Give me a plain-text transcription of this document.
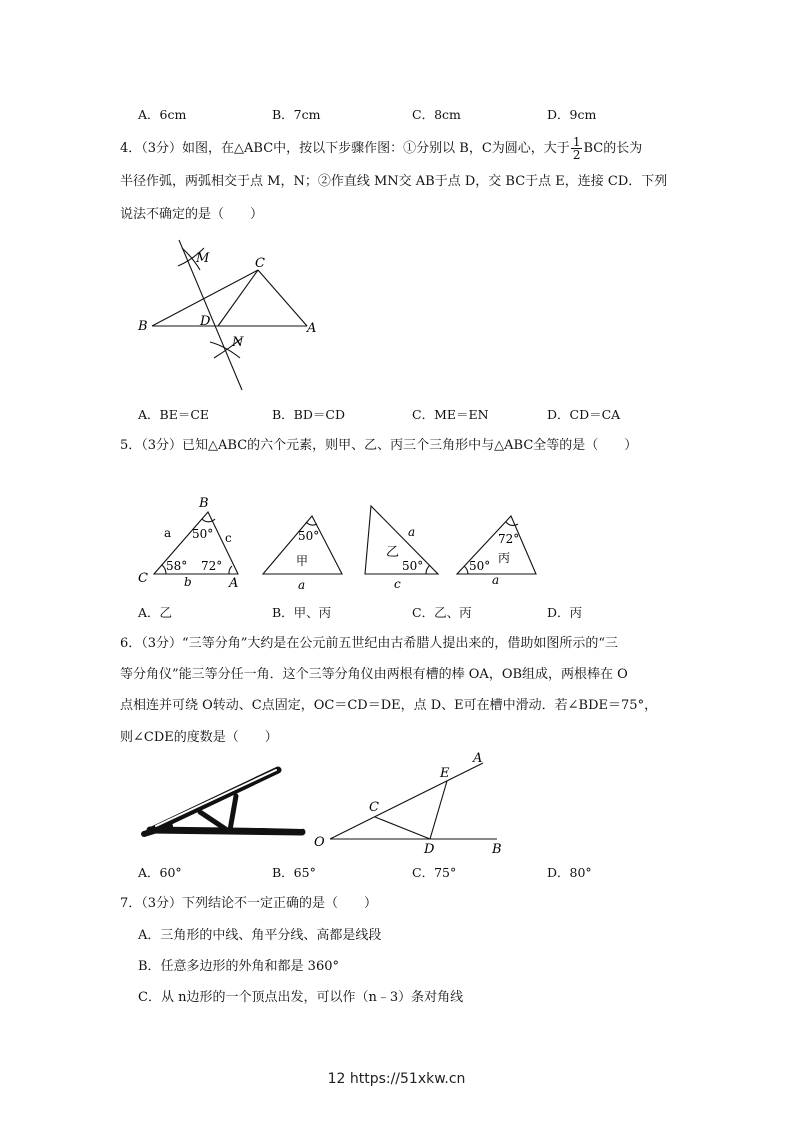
A．6cm	B．7cm	C．8cm	D．9cm
4．（3分）如图，在△ABC中，按以下步骤作图：①分别以 B，C为圆心，大于 $\frac{1}{2}$ BC的长为
半径作弧，两弧相交于点 M，N；②作直线 MN交 AB于点 D，交 BC于点 E，连接 CD．下列
说法不确定的是（　　）
M	C
B	D	A
N
A．BE＝CE	B．BD＝CD	C．ME＝EN	D．CD＝CA
5．（3分）已知△ABC的六个元素，则甲、乙、丙三个三角形中与△ABC全等的是（　　）
B
C	A
a	c
b
50°
58° 72°
50°
甲
a
a
乙
50°
c
72°
丙
50°
a
A．乙	B．甲、丙	C．乙、丙	D．丙
6．（3分）“三等分角”大约是在公元前五世纪由古希腊人提出来的，借助如图所示的“三
等分角仪”能三等分任一角．这个三等分角仪由两根有槽的棒 OA，OB组成，两根棒在 O
点相连并可绕 O转动、C点固定，OC＝CD＝DE，点 D、E可在槽中滑动．若∠BDE＝75°，
则∠CDE的度数是（　　）
O
C
D	B
E
A
A．60°	B．65°	C．75°	D．80°
7．（3分）下列结论不一定正确的是（　　）
A．三角形的中线、角平分线、高都是线段
B．任意多边形的外角和都是 360°
C．从 n边形的一个顶点出发，可以作（n﹣3）条对角线
12 https://51xkw.cn
